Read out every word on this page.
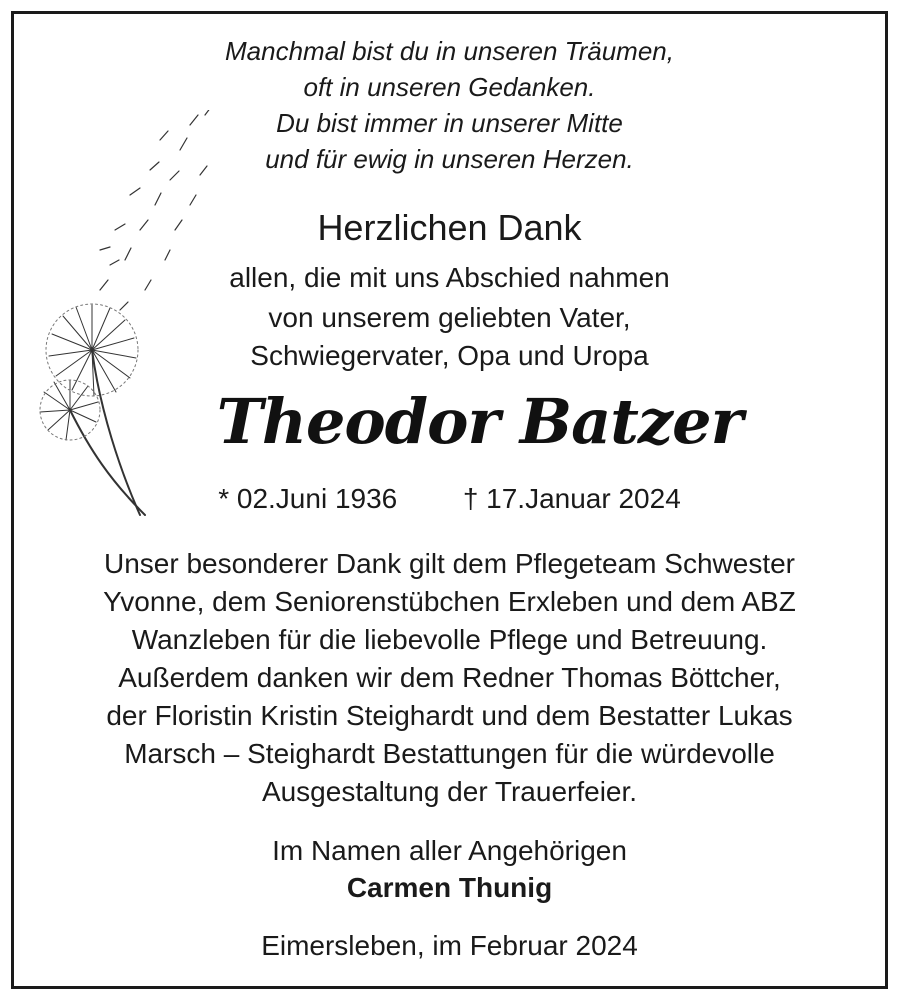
Manchmal bist du in unseren Träumen,
oft in unseren Gedanken.
Du bist immer in unserer Mitte
und für ewig in unseren Herzen.
Herzlichen Dank
allen, die mit uns Abschied nahmen
von unserem geliebten Vater,
Schwiegervater, Opa und Uropa
Theodor Batzer
* 02.Juni 1936 † 17.Januar 2024
Unser besonderer Dank gilt dem Pflegeteam Schwester
Yvonne, dem Seniorenstübchen Erxleben und dem ABZ
Wanzleben für die liebevolle Pflege und Betreuung.
Außerdem danken wir dem Redner Thomas Böttcher,
der Floristin Kristin Steighardt und dem Bestatter Lukas
Marsch – Steighardt Bestattungen für die würdevolle
Ausgestaltung der Trauerfeier.
Im Namen aller Angehörigen
Carmen Thunig
Eimersleben, im Februar 2024
